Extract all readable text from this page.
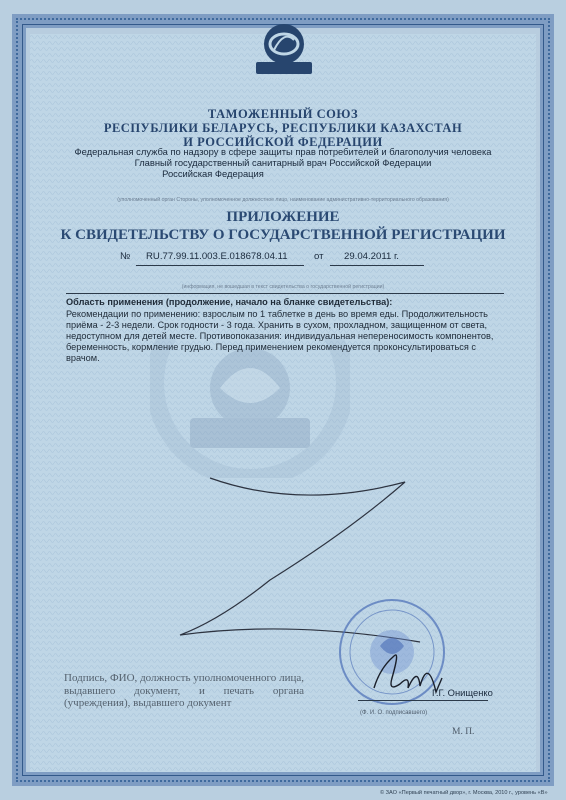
ЕВРАЗЭС
ТАМОЖЕННЫЙ СОЮЗ
РЕСПУБЛИКИ БЕЛАРУСЬ, РЕСПУБЛИКИ КАЗАХСТАН
И РОССИЙСКОЙ ФЕДЕРАЦИИ
Федеральная служба по надзору в сфере защиты прав потребителей и благополучия человека
Главный государственный санитарный врач Российской Федерации
Российская Федерация
(уполномоченный орган Стороны, уполномоченное должностное лицо, наименование административно-территориального образования)
ПРИЛОЖЕНИЕ
К СВИДЕТЕЛЬСТВУ О ГОСУДАРСТВЕННОЙ РЕГИСТРАЦИИ
№ RU.77.99.11.003.Е.018678.04.11	от 29.04.2011 г.
(информация, не вошедшая в текст свидетельства о государственной регистрации)
Область применения (продолжение, начало на бланке свидетельства):
Рекомендации по применению: взрослым по 1 таблетке в день во время еды. Продолжительность приёма - 2-3 недели. Срок годности - 3 года. Хранить в сухом, прохладном, защищенном от света, недоступном для детей месте. Противопоказания: индивидуальная непереносимость компонентов, беременность, кормление грудью. Перед применением рекомендуется проконсультироваться с врачом.
Подпись, ФИО, должность уполномоченного лица, выдавшего документ, и печать органа (учреждения), выдавшего документ
Г.Г. Онищенко
(Ф. И. О. подписавшего)
М. П.
© ЗАО «Первый печатный двор», г. Москва, 2010 г., уровень «В»
